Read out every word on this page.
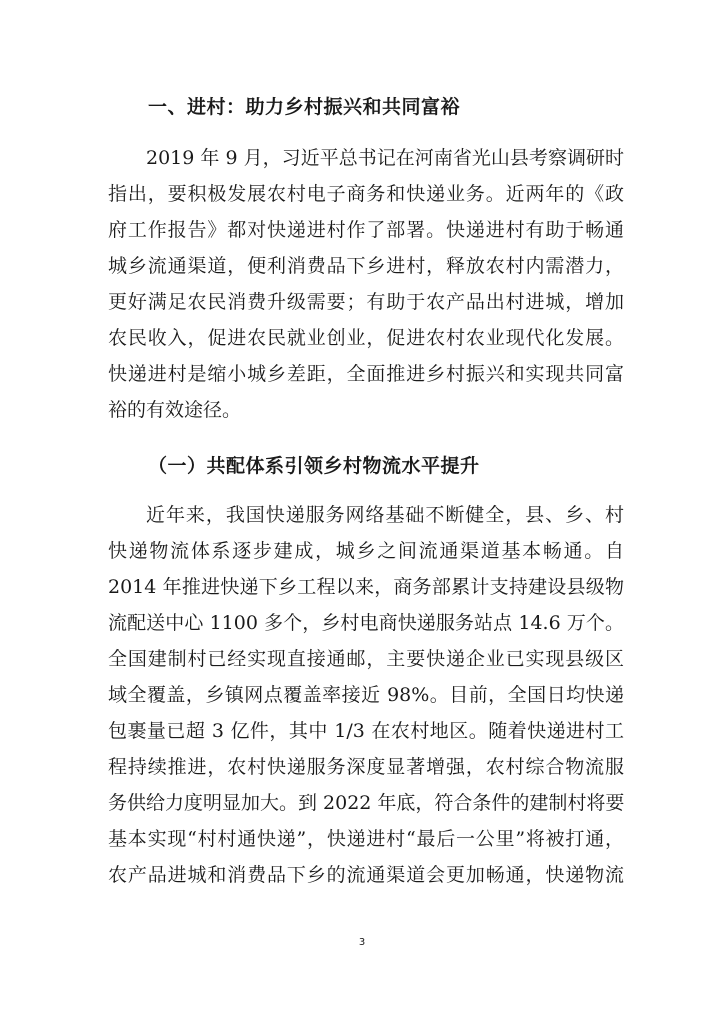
一、进村：助力乡村振兴和共同富裕
2019 年 9 月，习近平总书记在河南省光山县考察调研时
指出，要积极发展农村电子商务和快递业务。近两年的《政
府工作报告》都对快递进村作了部署。快递进村有助于畅通
城乡流通渠道，便利消费品下乡进村，释放农村内需潜力，
更好满足农民消费升级需要；有助于农产品出村进城，增加
农民收入，促进农民就业创业，促进农村农业现代化发展。
快递进村是缩小城乡差距，全面推进乡村振兴和实现共同富
裕的有效途径。
（一）共配体系引领乡村物流水平提升
近年来，我国快递服务网络基础不断健全，县、乡、村
快递物流体系逐步建成，城乡之间流通渠道基本畅通。自
2014 年推进快递下乡工程以来，商务部累计支持建设县级物
流配送中心 1100 多个，乡村电商快递服务站点 14.6 万个。
全国建制村已经实现直接通邮，主要快递企业已实现县级区
域全覆盖，乡镇网点覆盖率接近 98%。目前，全国日均快递
包裹量已超 3 亿件，其中 1/3 在农村地区。随着快递进村工
程持续推进，农村快递服务深度显著增强，农村综合物流服
务供给力度明显加大。到 2022 年底，符合条件的建制村将要
基本实现“村村通快递”，快递进村“最后一公里”将被打通，
农产品进城和消费品下乡的流通渠道会更加畅通，快递物流
3
